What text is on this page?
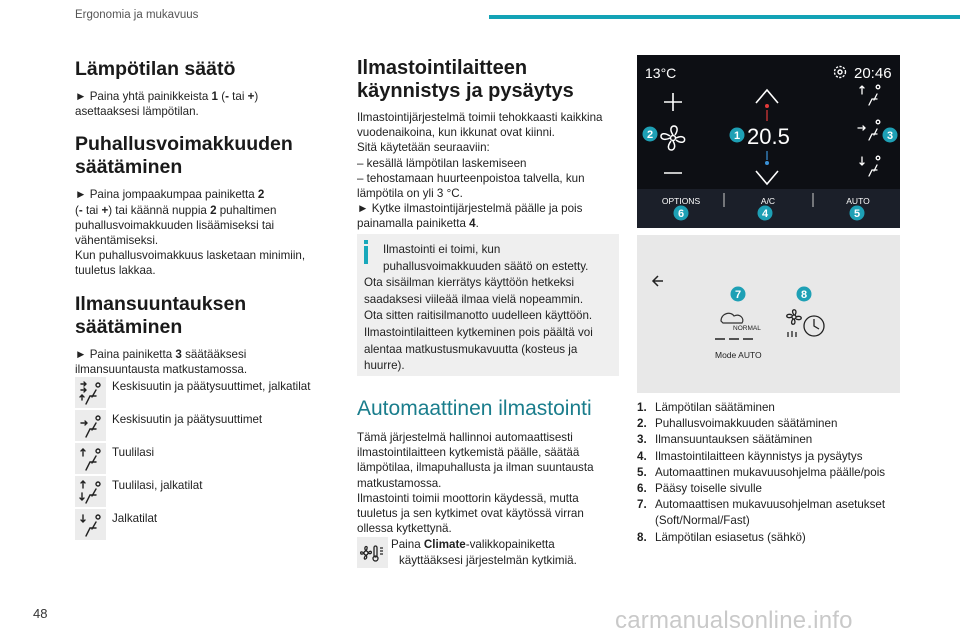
Ergonomia ja mukavuus
Lämpötilan säätö

► Paina yhtä painikkeista 1 (- tai +)
asettaaksesi lämpötilan.

Puhallusvoimakkuuden
säätäminen

► Paina jompaakumpaa painiketta 2
(- tai +) tai käännä nuppia 2 puhaltimen
puhallusvoimakkuuden lisäämiseksi tai
vähentämiseksi.
Kun puhallusvoimakkuus lasketaan minimiin,
tuuletus lakkaa.

Ilmansuuntauksen
säätäminen

► Paina painiketta 3 säätääksesi
ilmansuuntausta matkustamossa.

Keskisuutin ja päätysuuttimet, jalkatilat
Keskisuutin ja päätysuuttimet
Tuulilasi
Tuulilasi, jalkatilat
Jalkatilat
Ilmastointilaitteen
käynnistys ja pysäytys

Ilmastointijärjestelmä toimii tehokkaasti kaikkina
vuodenaikoina, kun ikkunat ovat kiinni.
Sitä käytetään seuraaviin:
– kesällä lämpötilan laskemiseen
– tehostamaan huurteenpoistoa talvella, kun
lämpötila on yli 3 °C.
► Kytke ilmastointijärjestelmä päälle ja pois
painamalla painiketta 4.

Ilmastointi ei toimi, kun
puhallusvoimakkuuden säätö on estetty.
Ota sisäilman kierrätys käyttöön hetkeksi
saadaksesi viileää ilmaa vielä nopeammin.
Ota sitten raitisilmanotto uudelleen käyttöön.
Ilmastointilaitteen kytkeminen pois päältä voi
alentaa matkustusmukavuutta (kosteus ja
huurre).

Automaattinen ilmastointi

Tämä järjestelmä hallinnoi automaattisesti
ilmastointilaitteen kytkemistä päälle, säätää
lämpötilaa, ilmapuhallusta ja ilman suuntausta
matkustamossa.
Ilmastointi toimii moottorin käydessä, mutta
tuuletus ja sen kytkimet ovat käytössä virran
ollessa kytkettynä.

Paina Climate-valikkopainiketta
käyttääksesi järjestelmän kytkimiä.

13°C	20:46
20.5
OPTIONS	A/C	AUTO
1
2	3
4	5
6
7	8
NORMAL
Mode AUTO
1. Lämpötilan säätäminen
2. Puhallusvoimakkuuden säätäminen
3. Ilmansuuntauksen säätäminen
4. Ilmastointilaitteen käynnistys ja pysäytys
5. Automaattinen mukavuusohjelma päälle/pois
6. Pääsy toiselle sivulle
7. Automaattisen mukavuusohjelman asetukset
(Soft/Normal/Fast)
8. Lämpötilan esiasetus (sähkö)
48	carmanualsonline.info
